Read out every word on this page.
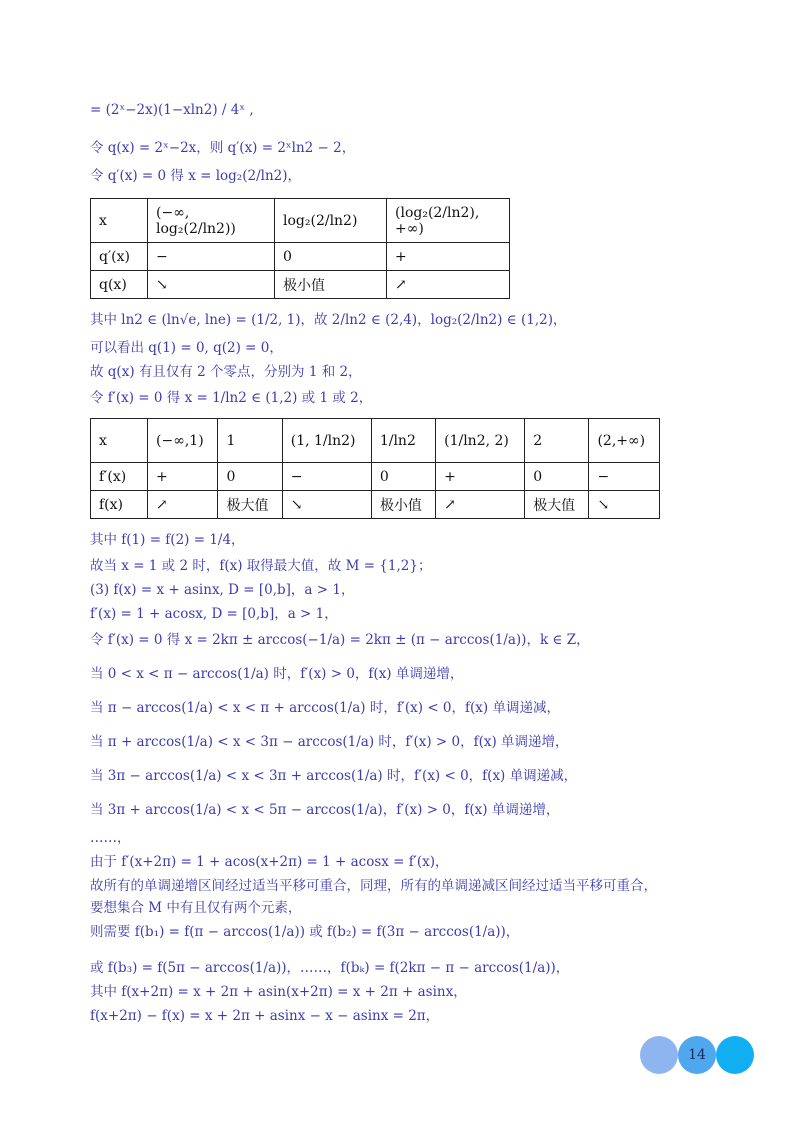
= (2ˣ−2x)(1−xln2) / 4ˣ ,
令 q(x) = 2ˣ−2x，则 q′(x) = 2ˣln2 − 2，
令 q′(x) = 0 得 x = log₂(2/ln2)，
x	(−∞, log₂(2/ln2))	log₂(2/ln2)	(log₂(2/ln2), +∞)
q′(x)	−	0	+
q(x)	↘	极小值	↗
其中 ln2 ∈ (ln√e, lne) = (1/2, 1)，故 2/ln2 ∈ (2,4)，log₂(2/ln2) ∈ (1,2)，
可以看出 q(1) = 0, q(2) = 0，
故 q(x) 有且仅有 2 个零点，分别为 1 和 2，
令 f′(x) = 0 得 x = 1/ln2 ∈ (1,2) 或 1 或 2，
x	(−∞,1)	1	(1, 1/ln2)	1/ln2	(1/ln2, 2)	2	(2,+∞)
f′(x)	+	0	−	0	+	0	−
f(x)	↗	极大值	↘	极小值	↗	极大值	↘
其中 f(1) = f(2) = 1/4，
故当 x = 1 或 2 时，f(x) 取得最大值，故 M = {1,2}；
(3) f(x) = x + asinx, D = [0,b]，a > 1，
f′(x) = 1 + acosx, D = [0,b]，a > 1，
令 f′(x) = 0 得 x = 2kπ ± arccos(−1/a) = 2kπ ± (π − arccos(1/a))，k ∈ Z，
当 0 < x < π − arccos(1/a) 时，f′(x) > 0，f(x) 单调递增，
当 π − arccos(1/a) < x < π + arccos(1/a) 时，f′(x) < 0，f(x) 单调递减，
当 π + arccos(1/a) < x < 3π − arccos(1/a) 时，f′(x) > 0，f(x) 单调递增，
当 3π − arccos(1/a) < x < 3π + arccos(1/a) 时，f′(x) < 0，f(x) 单调递减，
当 3π + arccos(1/a) < x < 5π − arccos(1/a)，f′(x) > 0，f(x) 单调递增，
……，
由于 f′(x+2π) = 1 + acos(x+2π) = 1 + acosx = f′(x)，
故所有的单调递增区间经过适当平移可重合，同理，所有的单调递减区间经过适当平移可重合，
要想集合 M 中有且仅有两个元素，
则需要 f(b₁) = f(π − arccos(1/a)) 或 f(b₂) = f(3π − arccos(1/a))，
或 f(b₃) = f(5π − arccos(1/a))，……，f(bₖ) = f(2kπ − π − arccos(1/a))，
其中 f(x+2π) = x + 2π + asin(x+2π) = x + 2π + asinx，
f(x+2π) − f(x) = x + 2π + asinx − x − asinx = 2π，
14
